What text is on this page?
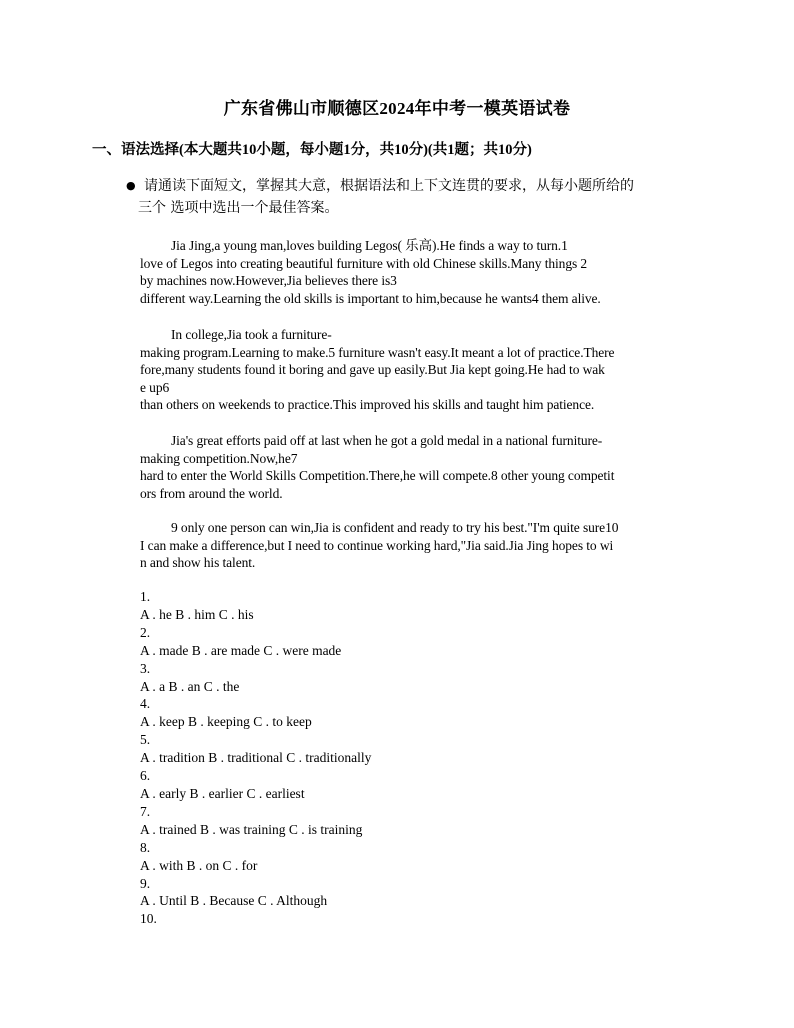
广东省佛山市顺德区2024年中考一模英语试卷
一、语法选择(本大题共10小题，每小题1分，共10分)(共1题；共10分)
● 请通读下面短文，掌握其大意，根据语法和上下文连贯的要求，从每小题所给的
三个 选项中选出一个最佳答案。
Jia Jing,a young man,loves building Legos( 乐高).He finds a way to turn.1
love of Legos into creating beautiful furniture with old Chinese skills.Many things 2
by machines now.However,Jia believes there is3
different way.Learning the old skills is important to him,because he wants4 them alive.
In college,Jia took a furniture-
making program.Learning to make.5 furniture wasn't easy.It meant a lot of practice.There
fore,many students found it boring and gave up easily.But Jia kept going.He had to wak
e up6
than others on weekends to practice.This improved his skills and taught him patience.
Jia's great efforts paid off at last when he got a gold medal in a national furniture-
making competition.Now,he7
hard to enter the World Skills Competition.There,he will compete.8 other young competit
ors from around the world.
9 only one person can win,Jia is confident and ready to try his best."I'm quite sure10
I can make a difference,but I need to continue working hard,"Jia said.Jia Jing hopes to wi
n and show his talent.
1.
A . he B . him C . his
2.
A . made B . are made C . were made
3.
A . a B . an C . the
4.
A . keep B . keeping C . to keep
5.
A . tradition B . traditional C . traditionally
6.
A . early B . earlier C . earliest
7.
A . trained B . was training C . is training
8.
A . with B . on C . for
9.
A . Until B . Because C . Although
10.
